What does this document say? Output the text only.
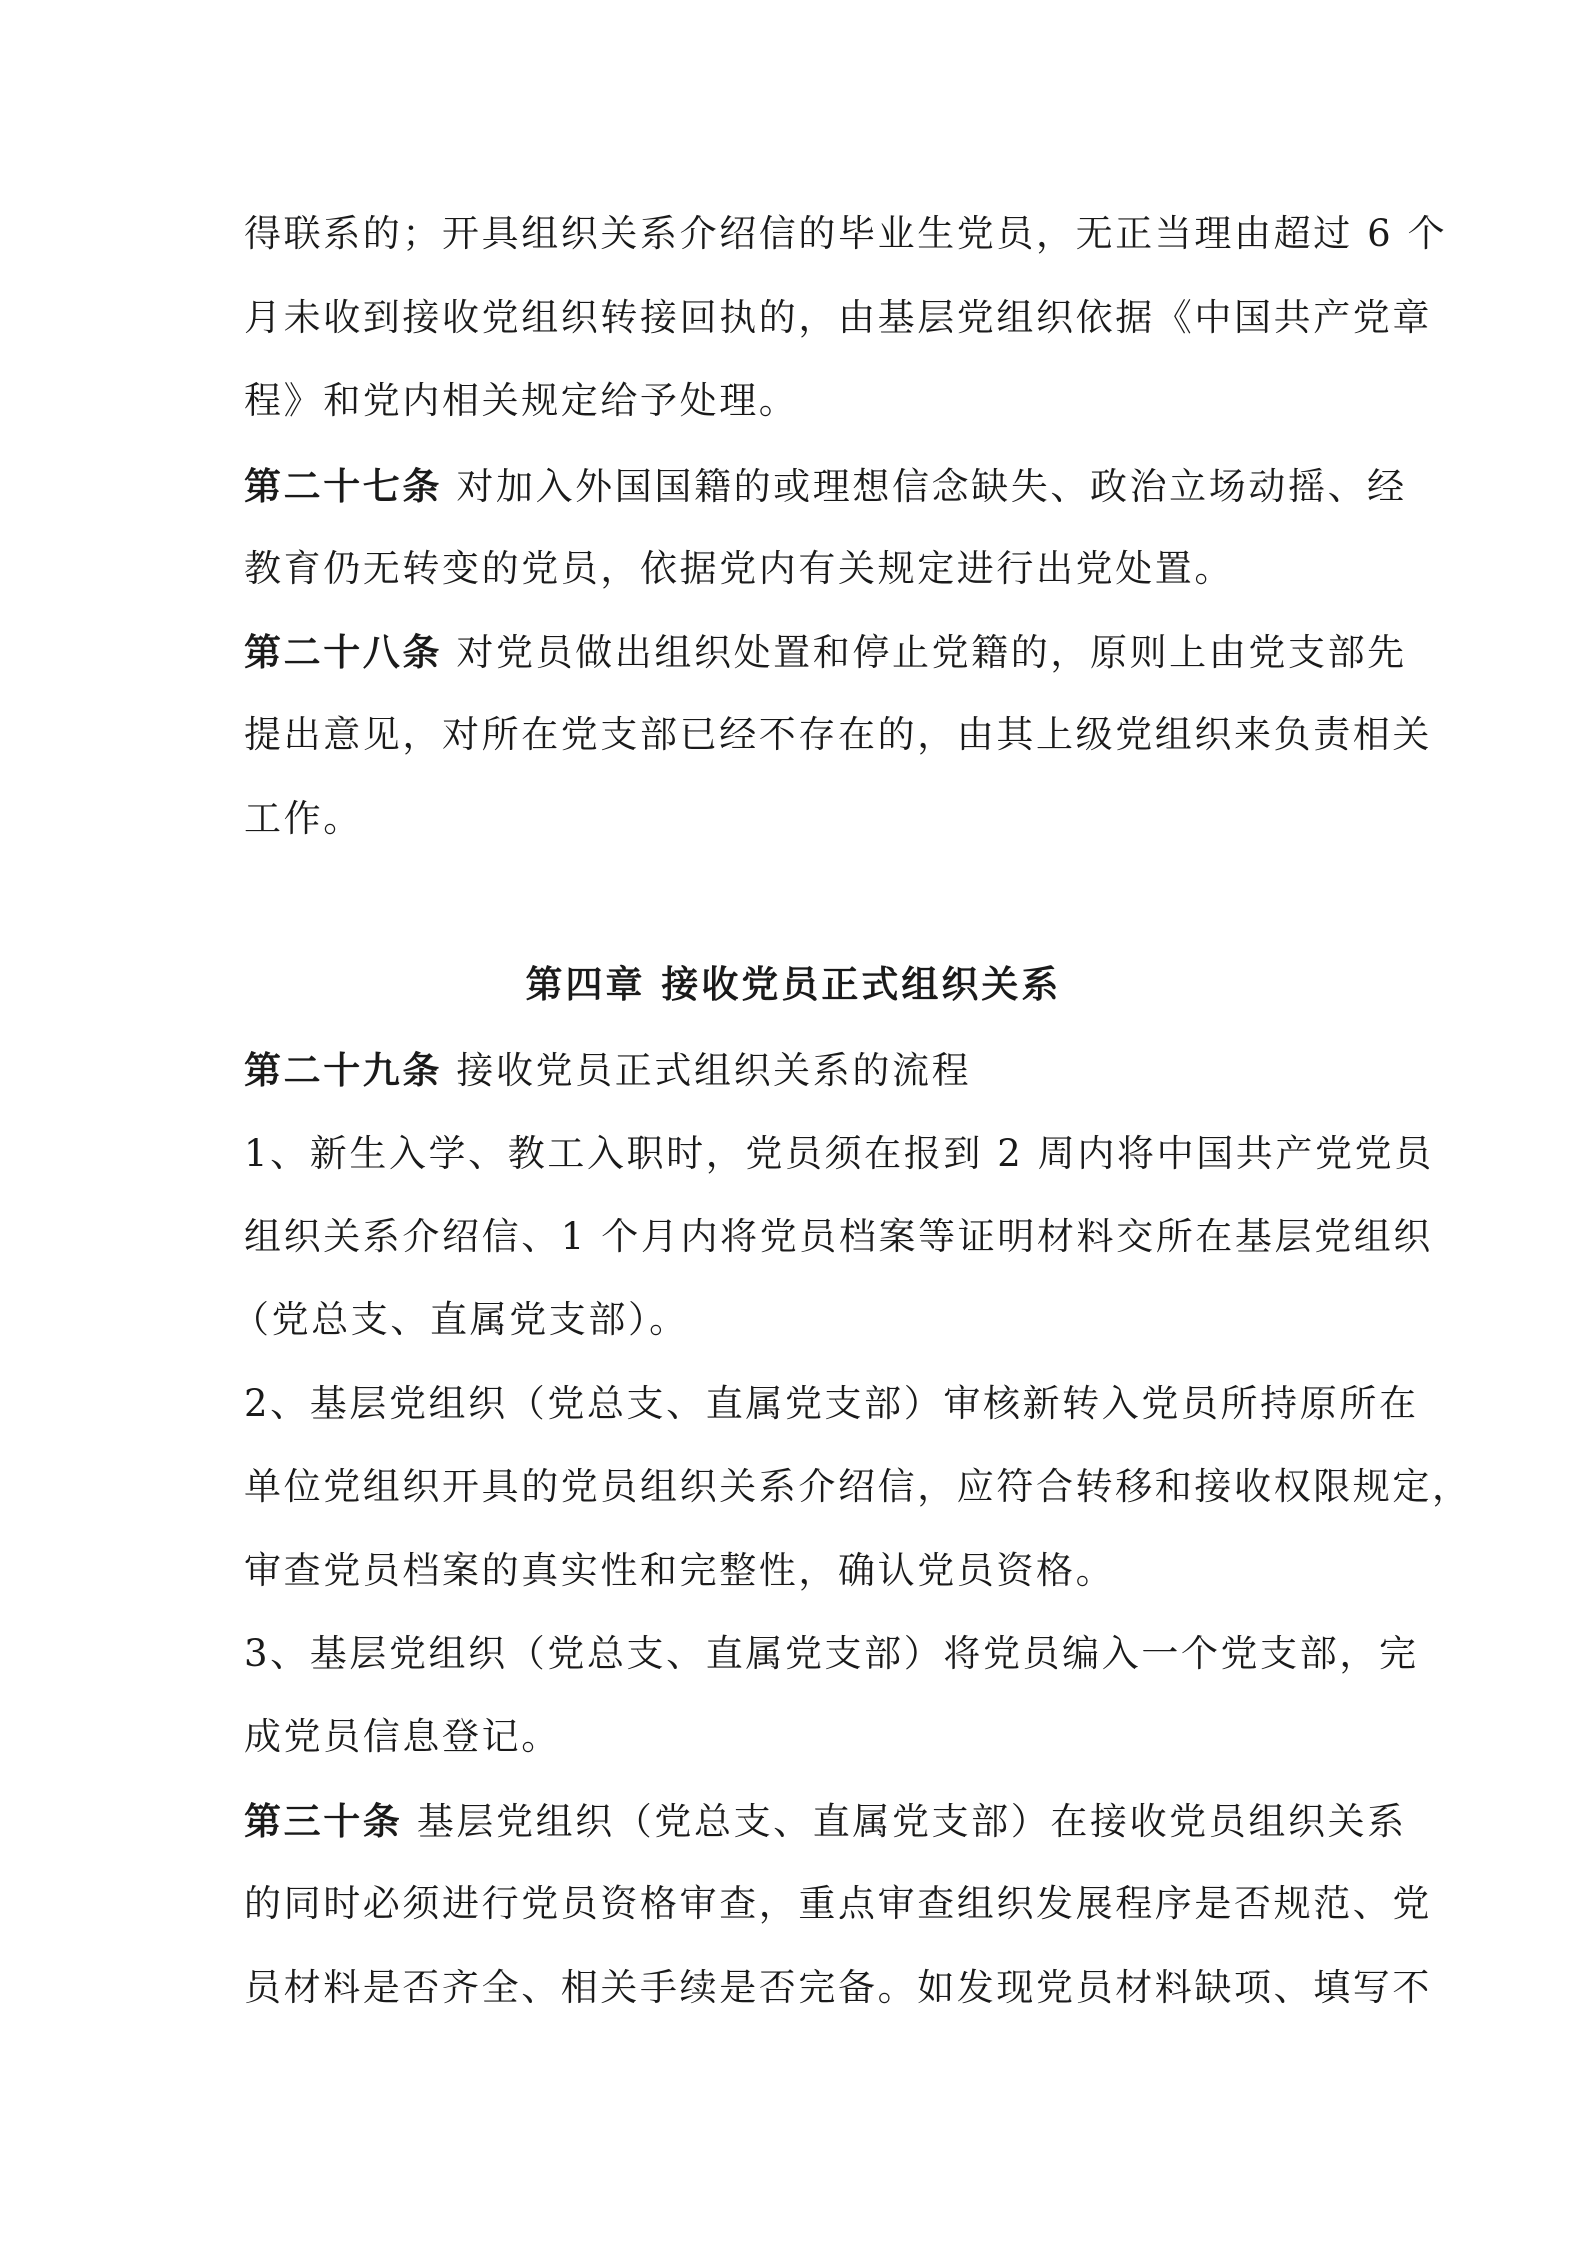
得联系的；开具组织关系介绍信的毕业生党员，无正当理由超过 6 个
月未收到接收党组织转接回执的，由基层党组织依据《中国共产党章
程》和党内相关规定给予处理。
第二十七条 对加入外国国籍的或理想信念缺失、政治立场动摇、经
教育仍无转变的党员，依据党内有关规定进行出党处置。
第二十八条 对党员做出组织处置和停止党籍的，原则上由党支部先
提出意见，对所在党支部已经不存在的，由其上级党组织来负责相关
工作。
第四章 接收党员正式组织关系
第二十九条 接收党员正式组织关系的流程
1、新生入学、教工入职时，党员须在报到 2 周内将中国共产党党员
组织关系介绍信、1 个月内将党员档案等证明材料交所在基层党组织
（党总支、直属党支部）。
2、基层党组织（党总支、直属党支部）审核新转入党员所持原所在
单位党组织开具的党员组织关系介绍信，应符合转移和接收权限规定，
审查党员档案的真实性和完整性，确认党员资格。
3、基层党组织（党总支、直属党支部）将党员编入一个党支部，完
成党员信息登记。
第三十条 基层党组织（党总支、直属党支部）在接收党员组织关系
的同时必须进行党员资格审查，重点审查组织发展程序是否规范、党
员材料是否齐全、相关手续是否完备。如发现党员材料缺项、填写不
